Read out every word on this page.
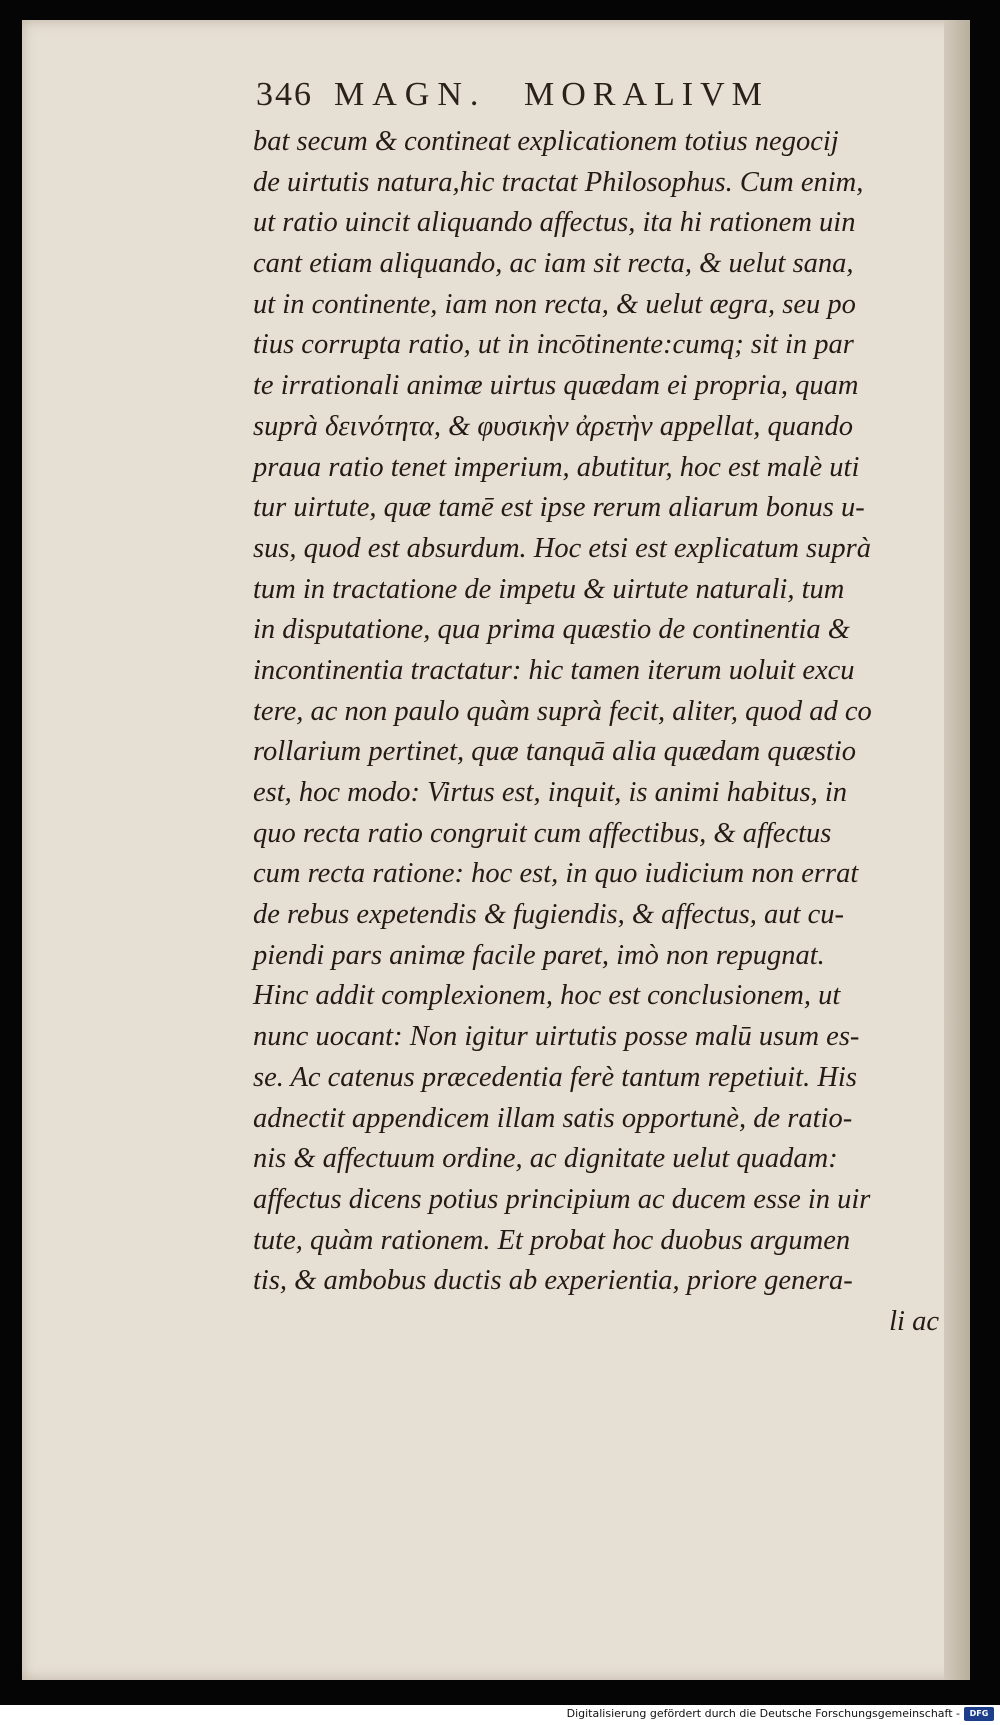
346 MAGN. MORALIVM
bat secum & contineat explicationem totius negocij
de uirtutis natura,hic tractat Philosophus. Cum enim,
ut ratio uincit aliquando affectus, ita hi rationem uin
cant etiam aliquando, ac iam sit recta, & uelut sana,
ut in continente, iam non recta, & uelut ægra, seu po
tius corrupta ratio, ut in incōtinente:cumq; sit in par
te irrationali animæ uirtus quædam ei propria, quam
suprà δεινότητα, & φυσικὴν ἀρετὴν appellat, quando
praua ratio tenet imperium, abutitur, hoc est malè uti
tur uirtute, quæ tamē est ipse rerum aliarum bonus u-
sus, quod est absurdum. Hoc etsi est explicatum suprà
tum in tractatione de impetu & uirtute naturali, tum
in disputatione, qua prima quæstio de continentia &
incontinentia tractatur: hic tamen iterum uoluit excu
tere, ac non paulo quàm suprà fecit, aliter, quod ad co
rollarium pertinet, quæ tanquā alia quædam quæstio
est, hoc modo: Virtus est, inquit, is animi habitus, in
quo recta ratio congruit cum affectibus, & affectus
cum recta ratione: hoc est, in quo iudicium non errat
de rebus expetendis & fugiendis, & affectus, aut cu-
piendi pars animæ facile paret, imò non repugnat.
Hinc addit complexionem, hoc est conclusionem, ut
nunc uocant: Non igitur uirtutis posse malū usum es-
se. Ac catenus præcedentia ferè tantum repetiuit. His
adnectit appendicem illam satis opportunè, de ratio-
nis & affectuum ordine, ac dignitate uelut quadam:
affectus dicens potius principium ac ducem esse in uir
tute, quàm rationem. Et probat hoc duobus argumen
tis, & ambobus ductis ab experientia, priore genera-
li ac
Digitalisierung gefördert durch die Deutsche Forschungsgemeinschaft -	DFG
